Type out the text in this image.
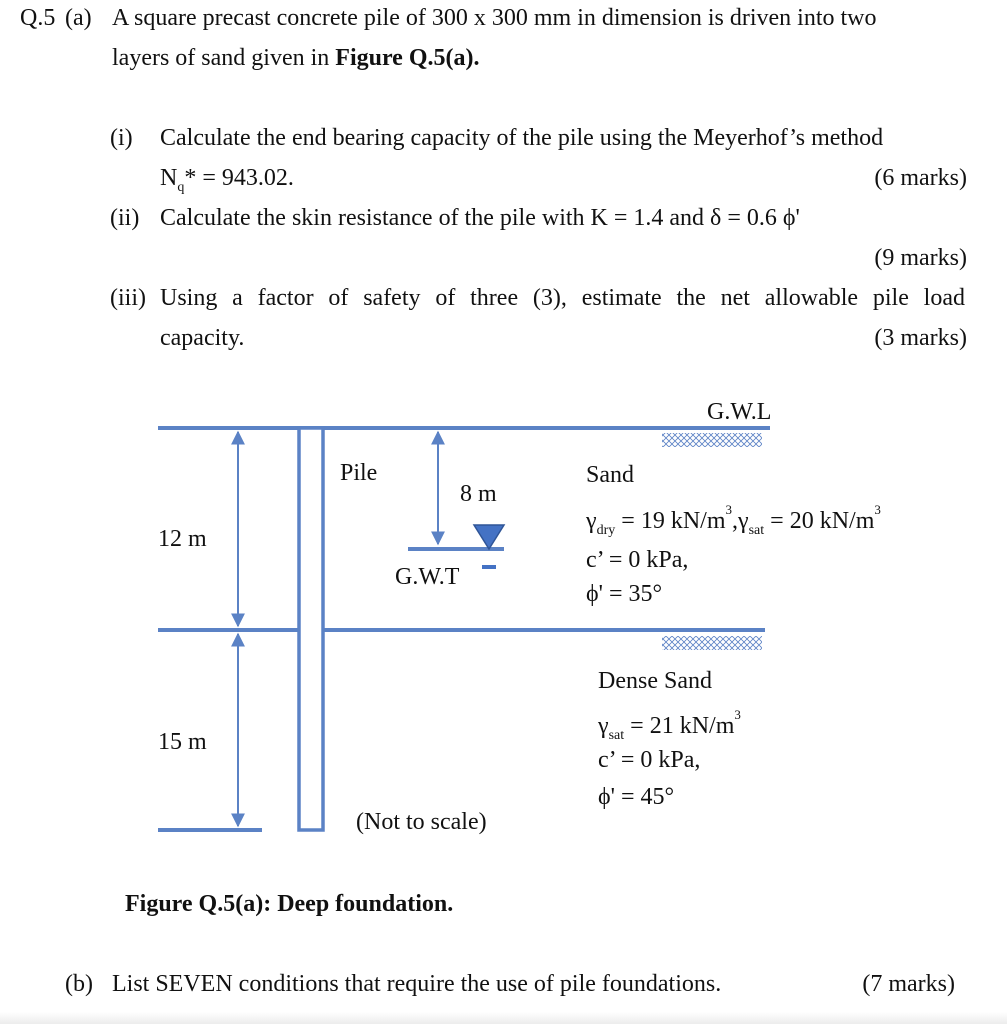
Q.5 (a) A square precast concrete pile of 300 x 300 mm in dimension is driven into two
layers of sand given in Figure Q.5(a).
(i) Calculate the end bearing capacity of the pile using the Meyerhof’s method
$N_q* = 943.02$.	(6 marks)
(ii) Calculate the skin resistance of the pile with K = 1.4 and δ = 0.6 ϕ'
(9 marks)
(iii) Using a factor of safety of three (3), estimate the net allowable pile load
capacity.	(3 marks)
G.W.L
Pile
8 m
G.W.T
12 m
15 m
(Not to scale)
Sand
$\gamma_{dry} = 19$ $kN/m^3,\gamma_{sat} = 20$ $kN/m^3$
c’ = 0 kPa,
ϕ' = 35°
Dense Sand
$\gamma_{sat} = 21$ $kN/m^3$
c’ = 0 kPa,
ϕ' = 45°
Figure Q.5(a): Deep foundation.
(b) List SEVEN conditions that require the use of pile foundations.	(7 marks)
